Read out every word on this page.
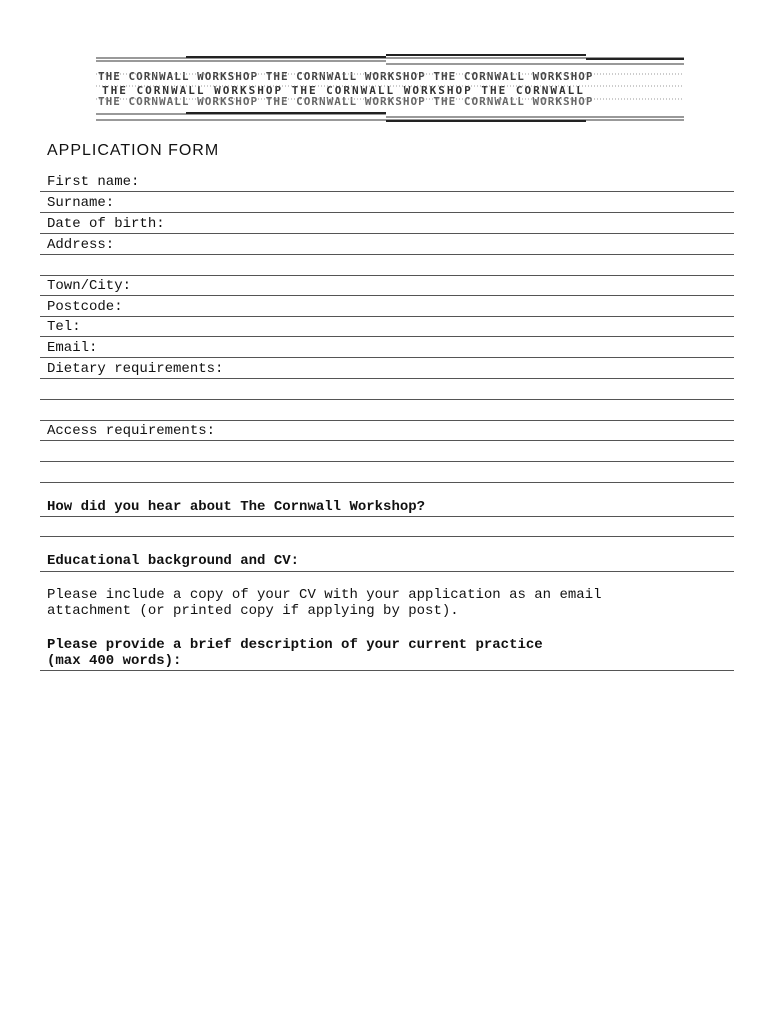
THE CORNWALL WORKSHOP THE CORNWALL WORKSHOP THE CORNWALL WORKSHOP
THE CORNWALL WORKSHOP THE CORNWALL WORKSHOP THE CORNWALL
THE CORNWALL WORKSHOP THE CORNWALL WORKSHOP THE CORNWALL WORKSHOP
APPLICATION FORM
First name:
Surname:
Date of birth:
Address:
Town/City:
Postcode:
Tel:
Email:
Dietary requirements:
Access requirements:
How did you hear about The Cornwall Workshop?
Educational background and CV:
Please include a copy of your CV with your application as an email
attachment (or printed copy if applying by post).
Please provide a brief description of your current practice
(max 400 words):
